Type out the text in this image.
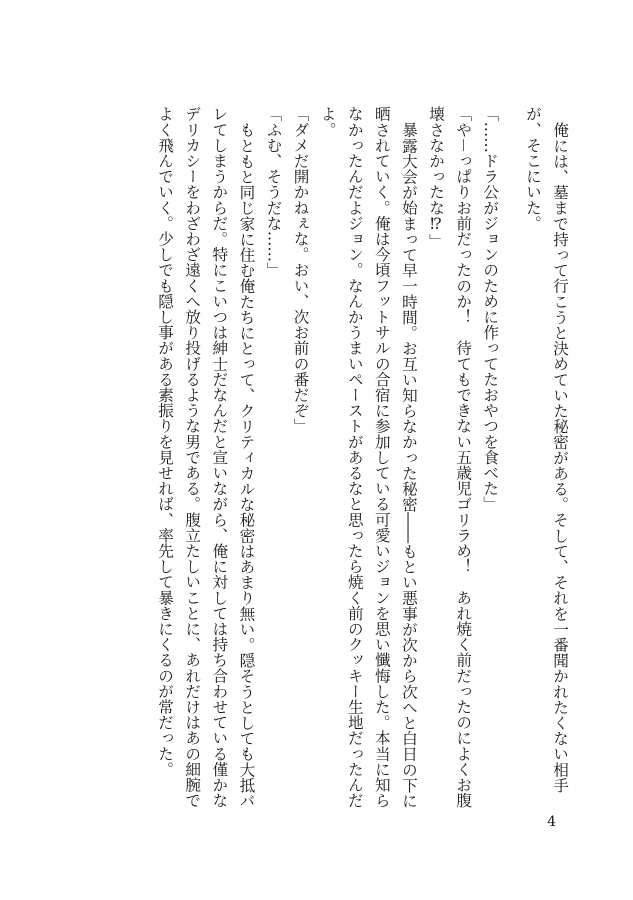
俺には、墓まで持って行こうと決めていた秘密がある。そして、それを一番聞かれたくない相手が、そこにいた。

「……ドラ公がジョンのために作ってたおやつを食べた」

「や－っぱりお前だったのか！　待てもできない五歳児ゴリラめ！　あれ焼く前だったのによくお腹壊さなかったな⁉」

暴露大会が始まって早一時間。お互い知らなかった秘密――もとい悪事が次から次へと白日の下に晒されていく。俺は今頃フットサルの合宿に参加している可愛いジョンを思い懺悔した。本当に知らなかったんだよジョン。なんかうまいペーストがあるなと思ったら焼く前のクッキー生地だったんだよ。

「ダメだ開かねぇな。おい、次お前の番だぞ」

「ふむ、そうだな……」

もともと同じ家に住む俺たちにとって、クリティカルな秘密はあまり無い。隠そうとしても大抵バレてしまうからだ。特にこいつは紳士だなんだと宣いながら、俺に対しては持ち合わせている僅かなデリカシーをわざわざ遠くへ放り投げるような男である。腹立たしいことに、あれだけはあの細腕でよく飛んでいく。少しでも隠し事がある素振りを見せれば、率先して暴きにくるのが常だった。

4
